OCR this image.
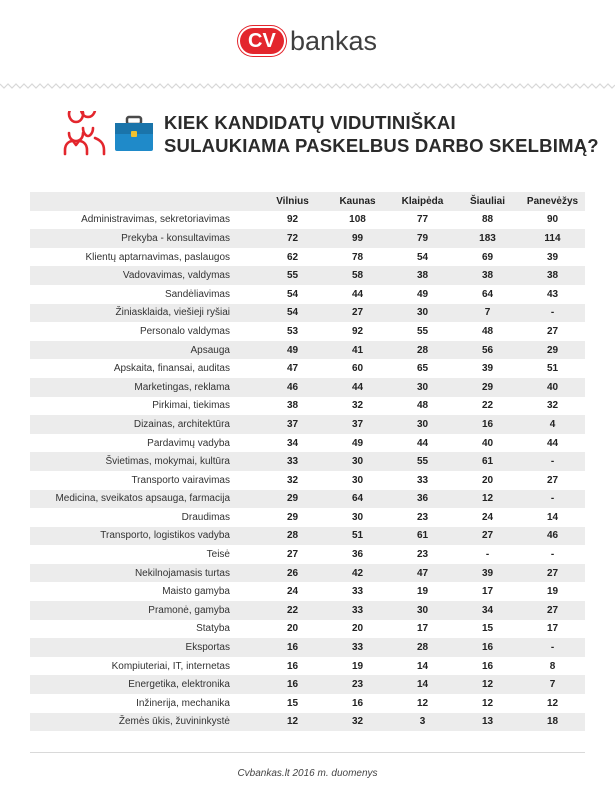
CV bankas
KIEK KANDIDATŲ VIDUTINIŠKAI
SULAUKIAMA PASKELBUS DARBO SKELBIMĄ?
		Vilnius	Kaunas	Klaipėda	Šiauliai	Panevėžys
Administravimas, sekretoriavimas		92	108	77	88	90
Prekyba - konsultavimas		72	99	79	183	114
Klientų aptarnavimas, paslaugos		62	78	54	69	39
Vadovavimas, valdymas		55	58	38	38	38
Sandėliavimas		54	44	49	64	43
Žiniasklaida, viešieji ryšiai		54	27	30	7	-
Personalo valdymas		53	92	55	48	27
Apsauga		49	41	28	56	29
Apskaita, finansai, auditas		47	60	65	39	51
Marketingas, reklama		46	44	30	29	40
Pirkimai, tiekimas		38	32	48	22	32
Dizainas, architektūra		37	37	30	16	4
Pardavimų vadyba		34	49	44	40	44
Švietimas, mokymai, kultūra		33	30	55	61	-
Transporto vairavimas		32	30	33	20	27
Medicina, sveikatos apsauga, farmacija		29	64	36	12	-
Draudimas		29	30	23	24	14
Transporto, logistikos vadyba		28	51	61	27	46
Teisė		27	36	23	-	-
Nekilnojamasis turtas		26	42	47	39	27
Maisto gamyba		24	33	19	17	19
Pramonė, gamyba		22	33	30	34	27
Statyba		20	20	17	15	17
Eksportas		16	33	28	16	-
Kompiuteriai, IT, internetas		16	19	14	16	8
Energetika, elektronika		16	23	14	12	7
Inžinerija, mechanika		15	16	12	12	12
Žemės ūkis, žuvininkystė		12	32	3	13	18
Cvbankas.lt 2016 m. duomenys
